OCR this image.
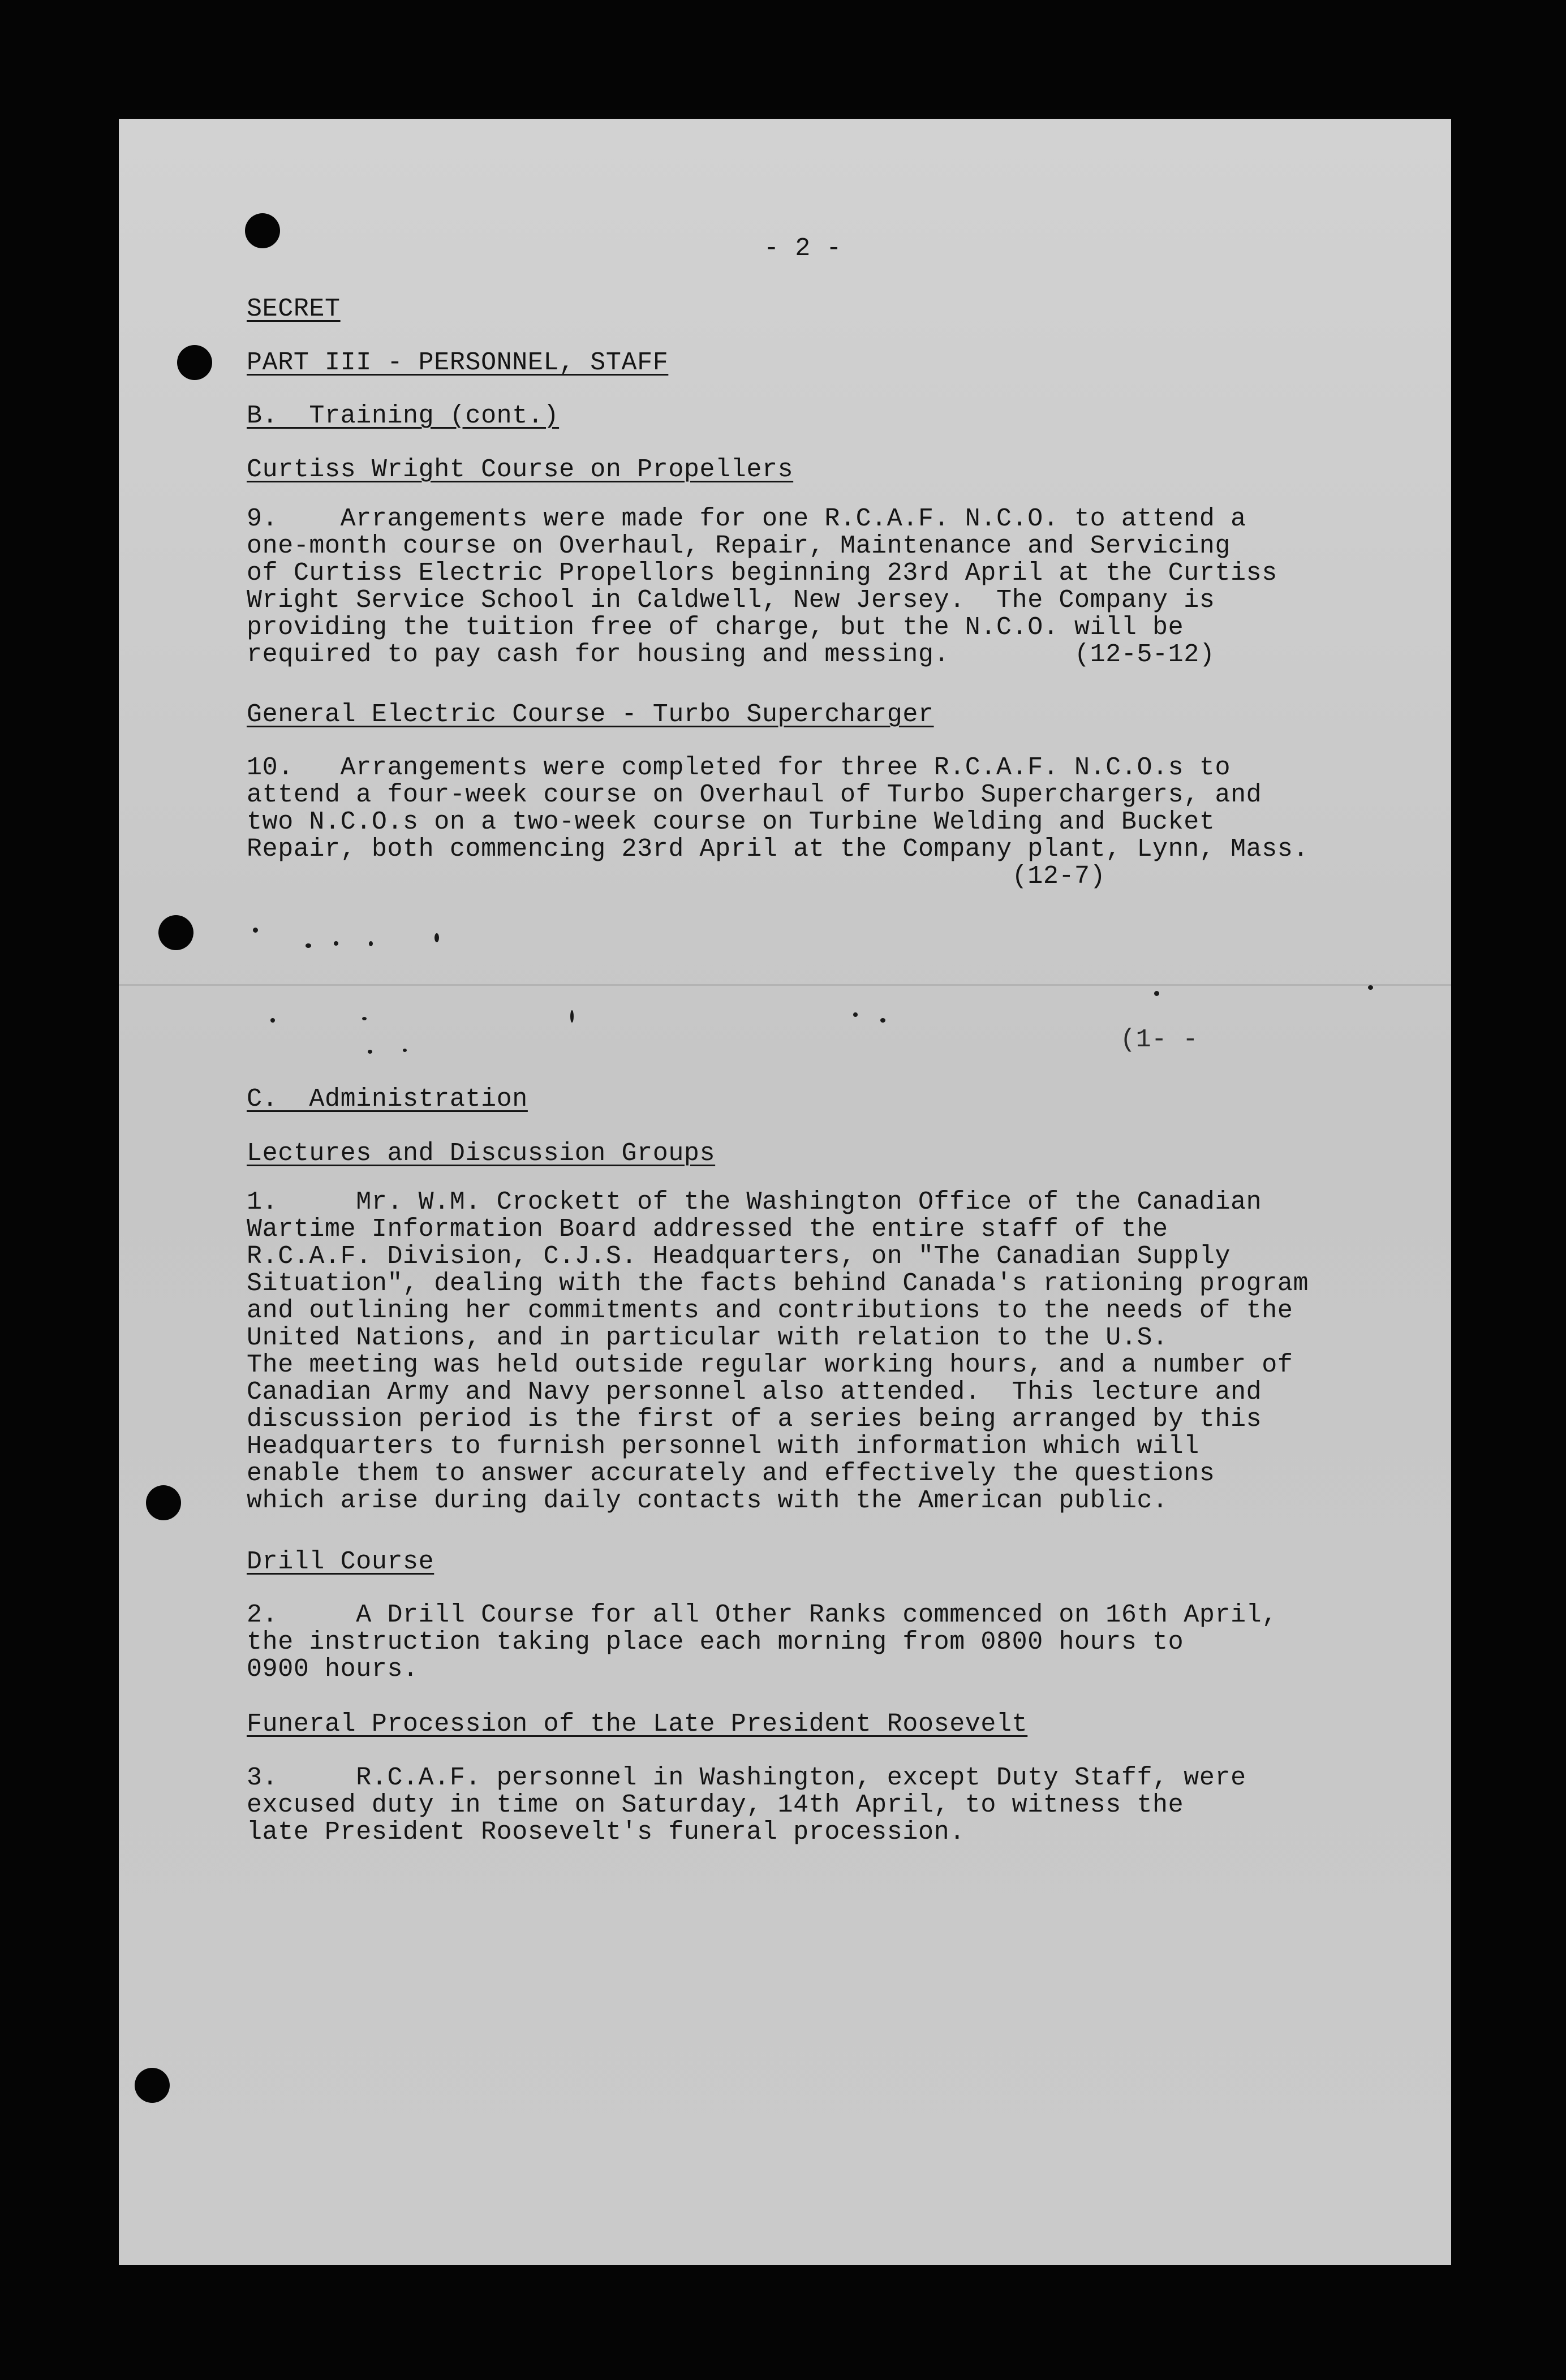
- 2 -
SECRET
PART III - PERSONNEL, STAFF
B.  Training (cont.)
Curtiss Wright Course on Propellers
9.    Arrangements were made for one R.C.A.F. N.C.O. to attend a
one-month course on Overhaul, Repair, Maintenance and Servicing
of Curtiss Electric Propellors beginning 23rd April at the Curtiss
Wright Service School in Caldwell, New Jersey.  The Company is
providing the tuition free of charge, but the N.C.O. will be
required to pay cash for housing and messing.        (12-5-12)
General Electric Course - Turbo Supercharger
10.   Arrangements were completed for three R.C.A.F. N.C.O.s to
attend a four-week course on Overhaul of Turbo Superchargers, and
two N.C.O.s on a two-week course on Turbine Welding and Bucket
Repair, both commencing 23rd April at the Company plant, Lynn, Mass.
(12-7)
(1- -
C.  Administration
Lectures and Discussion Groups
1.     Mr. W.M. Crockett of the Washington Office of the Canadian
Wartime Information Board addressed the entire staff of the
R.C.A.F. Division, C.J.S. Headquarters, on "The Canadian Supply
Situation", dealing with the facts behind Canada's rationing program
and outlining her commitments and contributions to the needs of the
United Nations, and in particular with relation to the U.S.
The meeting was held outside regular working hours, and a number of
Canadian Army and Navy personnel also attended.  This lecture and
discussion period is the first of a series being arranged by this
Headquarters to furnish personnel with information which will
enable them to answer accurately and effectively the questions
which arise during daily contacts with the American public.
Drill Course
2.     A Drill Course for all Other Ranks commenced on 16th April,
the instruction taking place each morning from 0800 hours to
0900 hours.
Funeral Procession of the Late President Roosevelt
3.     R.C.A.F. personnel in Washington, except Duty Staff, were
excused duty in time on Saturday, 14th April, to witness the
late President Roosevelt's funeral procession.
